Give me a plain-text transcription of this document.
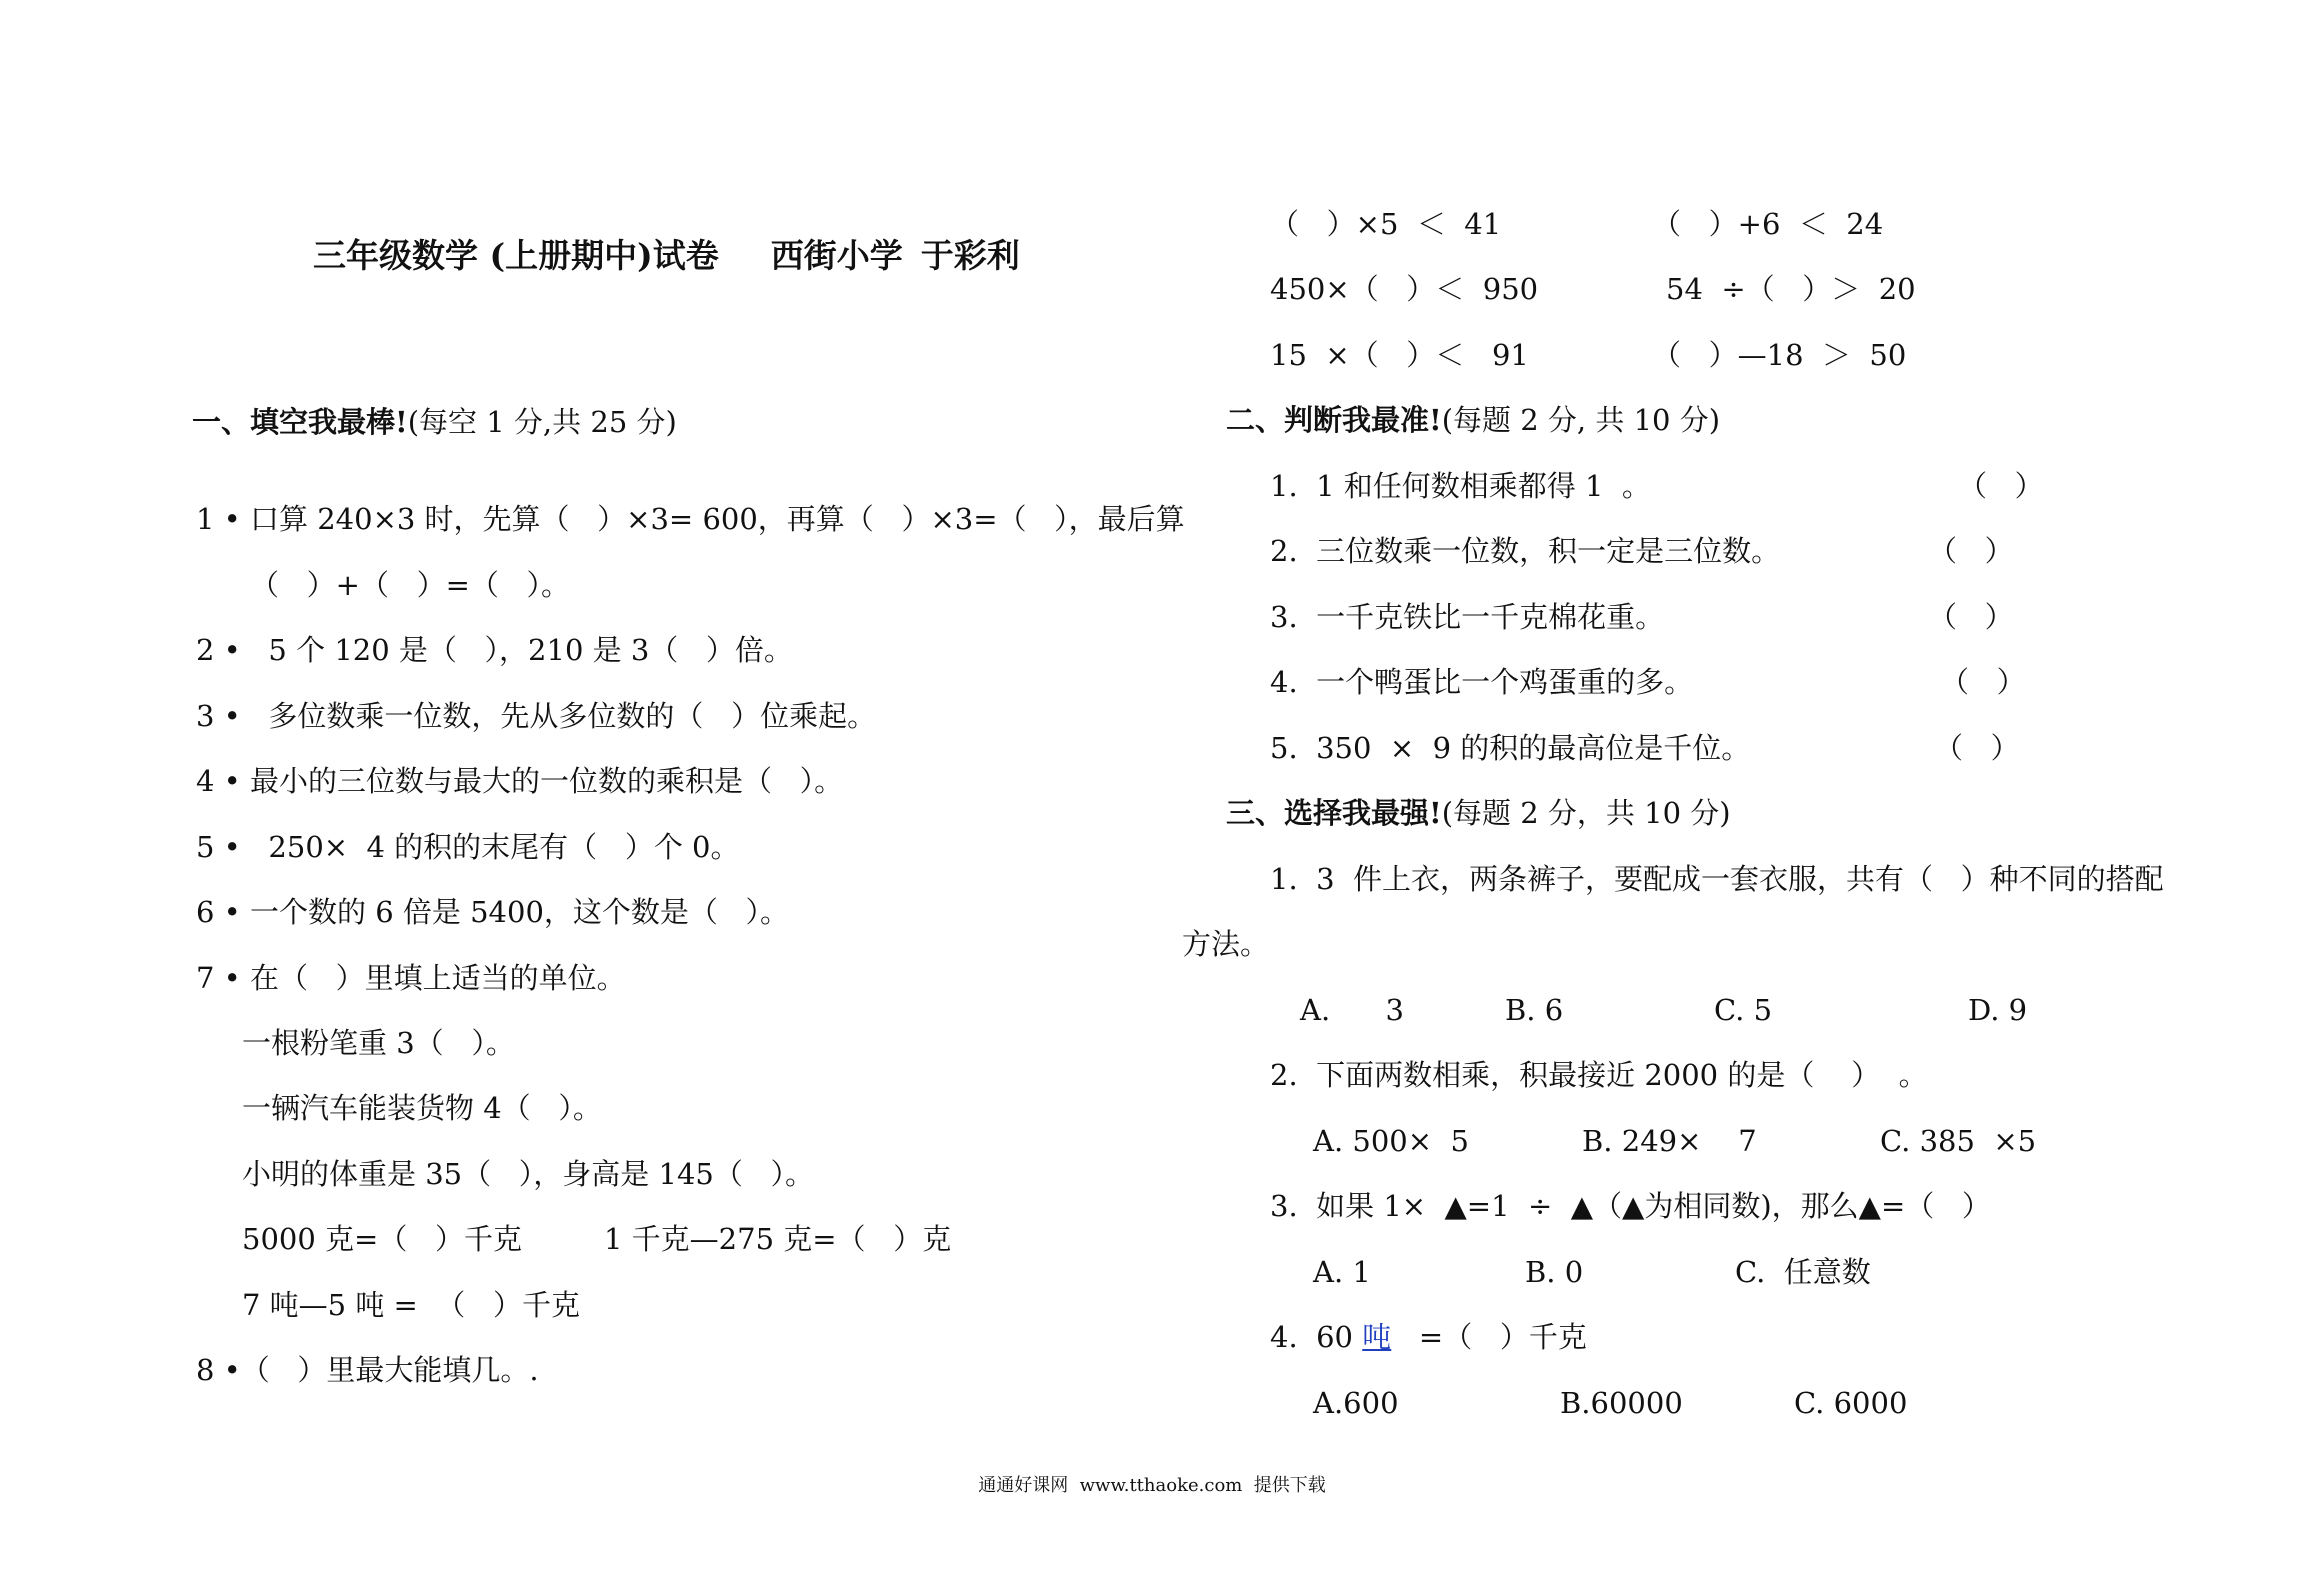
三年级数学 (上册期中)试卷 西街小学 于彩利

一、填空我最棒!(每空 1 分,共 25 分)
1 • 口算 240×3 时，先算（   ）×3= 600，再算（   ）×3=（   ），最后算
（   ）+（   ）=（   ）。
2 •   5 个 120 是（   ），210 是 3（   ）倍。
3 •   多位数乘一位数，先从多位数的（   ）位乘起。
4 • 最小的三位数与最大的一位数的乘积是（   ）。
5 •   250×  4 的积的末尾有（   ）个 0。
6 • 一个数的 6 倍是 5400，这个数是（   ）。
7 • 在（   ）里填上适当的单位。
一根粉笔重 3（   ）。
一辆汽车能装货物 4（   ）。
小明的体重是 35（   ），身高是 145（   ）。
5000 克=（   ）千克	1 千克—275 克=（   ）克
7 吨—5 吨 =  （   ）千克
8 •（   ）里最大能填几。.
（   ）×5  ＜  41	（   ）+6  ＜  24
450×（   ）＜  950	54  ÷（   ）＞  20
15  ×（   ）＜   91	（   ）—18  ＞  50
二、判断我最准!(每题 2 分, 共 10 分)
1.  1 和任何数相乘都得 1  。	（   ）
2.  三位数乘一位数，积一定是三位数。	（   ）
3.  一千克铁比一千克棉花重。	（   ）
4.  一个鸭蛋比一个鸡蛋重的多。	（   ）
5.  350  ×  9 的积的最高位是千位。	（   ）
三、选择我最强!(每题 2 分，共 10 分)
1.  3  件上衣，两条裤子，要配成一套衣服，共有（   ）种不同的搭配
方法。
A.      3	B. 6	C. 5	D. 9
2.  下面两数相乘，积最接近 2000 的是（    ）  。
A. 500×  5	B. 249×    7	C. 385  ×5
3.  如果 1×  ▲=1  ÷  ▲（▲为相同数)，那么▲=（   ）
A. 1	B. 0	C.  任意数
4.  60 吨   =（   ）千克
A.600	B.60000	C. 6000
通通好课网  www.tthaoke.com  提供下载
